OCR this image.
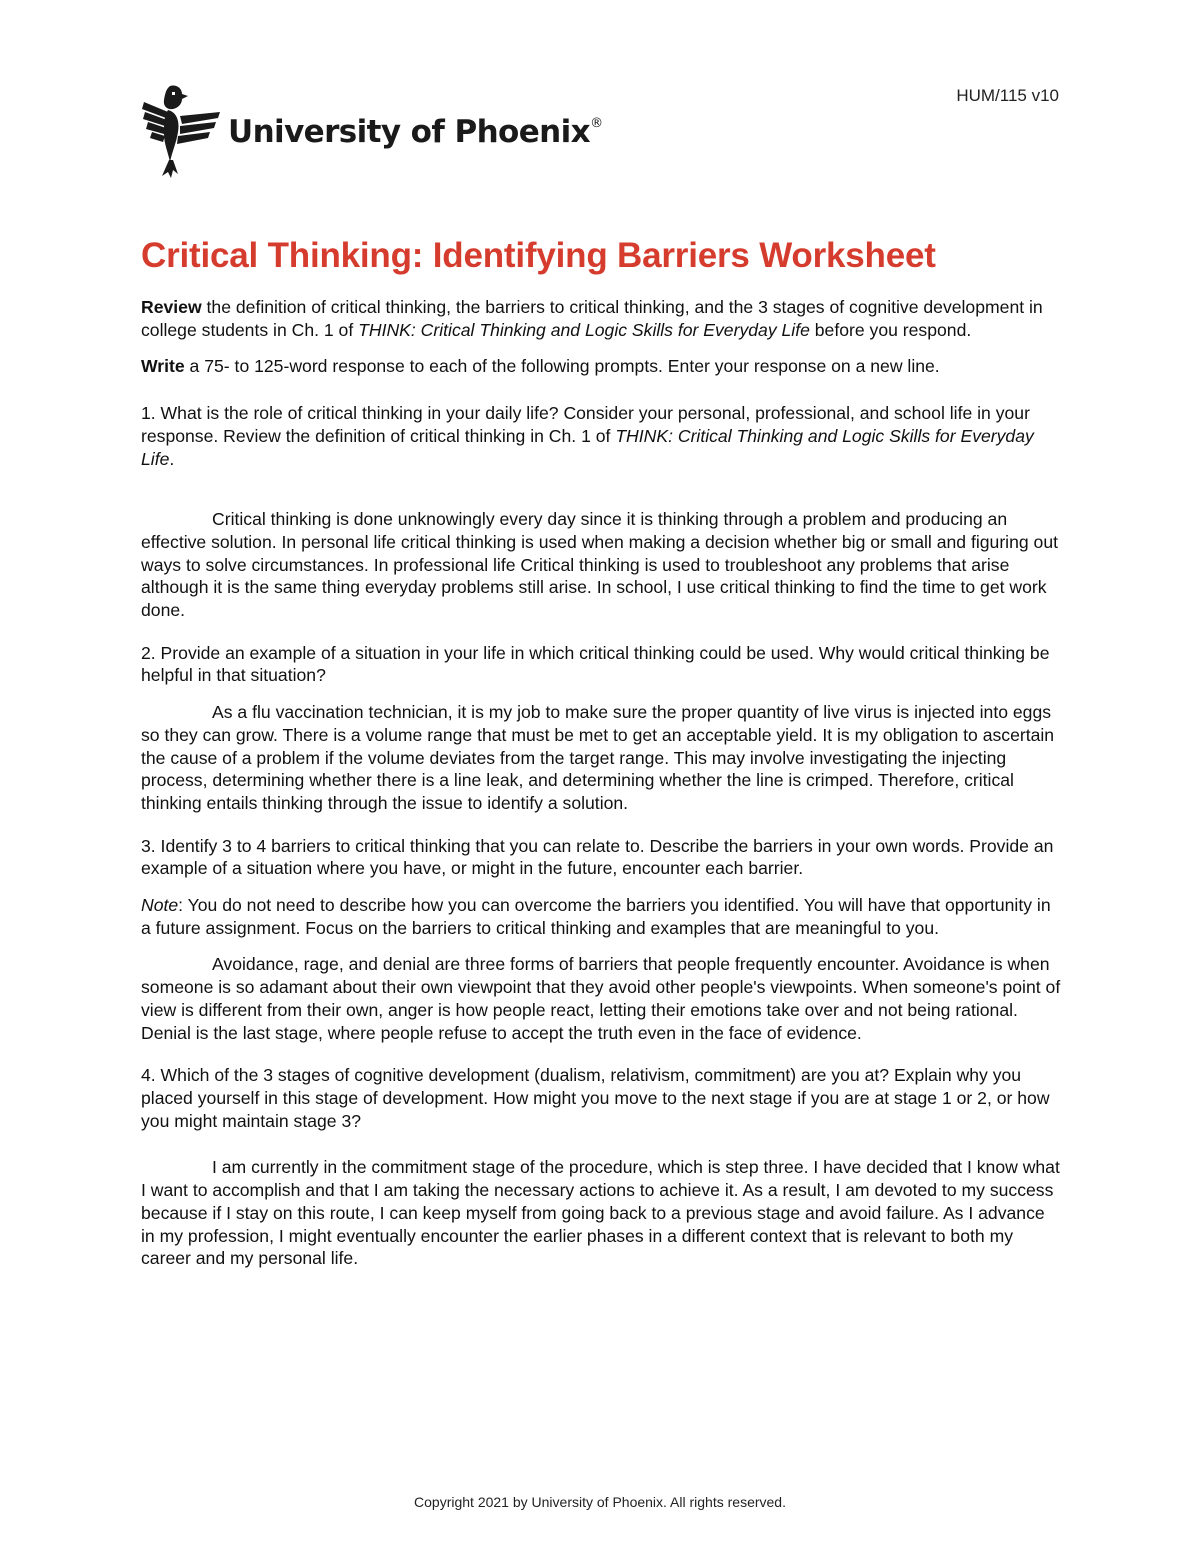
HUM/115 v10
University of Phoenix®
Critical Thinking: Identifying Barriers Worksheet

Review the definition of critical thinking, the barriers to critical thinking, and the 3 stages of cognitive development in college students in Ch. 1 of THINK: Critical Thinking and Logic Skills for Everyday Life before you respond.

Write a 75- to 125-word response to each of the following prompts. Enter your response on a new line.

1. What is the role of critical thinking in your daily life? Consider your personal, professional, and school life in your response. Review the definition of critical thinking in Ch. 1 of THINK: Critical Thinking and Logic Skills for Everyday Life.

Critical thinking is done unknowingly every day since it is thinking through a problem and producing an effective solution. In personal life critical thinking is used when making a decision whether big or small and figuring out ways to solve circumstances. In professional life Critical thinking is used to troubleshoot any problems that arise although it is the same thing everyday problems still arise. In school, I use critical thinking to find the time to get work done.

2. Provide an example of a situation in your life in which critical thinking could be used. Why would critical thinking be helpful in that situation?

As a flu vaccination technician, it is my job to make sure the proper quantity of live virus is injected into eggs so they can grow. There is a volume range that must be met to get an acceptable yield. It is my obligation to ascertain the cause of a problem if the volume deviates from the target range. This may involve investigating the injecting process, determining whether there is a line leak, and determining whether the line is crimped. Therefore, critical thinking entails thinking through the issue to identify a solution.

3. Identify 3 to 4 barriers to critical thinking that you can relate to. Describe the barriers in your own words. Provide an example of a situation where you have, or might in the future, encounter each barrier.

Note: You do not need to describe how you can overcome the barriers you identified. You will have that opportunity in a future assignment. Focus on the barriers to critical thinking and examples that are meaningful to you.

Avoidance, rage, and denial are three forms of barriers that people frequently encounter. Avoidance is when someone is so adamant about their own viewpoint that they avoid other people's viewpoints. When someone's point of view is different from their own, anger is how people react, letting their emotions take over and not being rational. Denial is the last stage, where people refuse to accept the truth even in the face of evidence.

4. Which of the 3 stages of cognitive development (dualism, relativism, commitment) are you at? Explain why you placed yourself in this stage of development. How might you move to the next stage if you are at stage 1 or 2, or how you might maintain stage 3?

I am currently in the commitment stage of the procedure, which is step three. I have decided that I know what I want to accomplish and that I am taking the necessary actions to achieve it. As a result, I am devoted to my success because if I stay on this route, I can keep myself from going back to a previous stage and avoid failure. As I advance in my profession, I might eventually encounter the earlier phases in a different context that is relevant to both my career and my personal life.

Copyright 2021 by University of Phoenix. All rights reserved.
